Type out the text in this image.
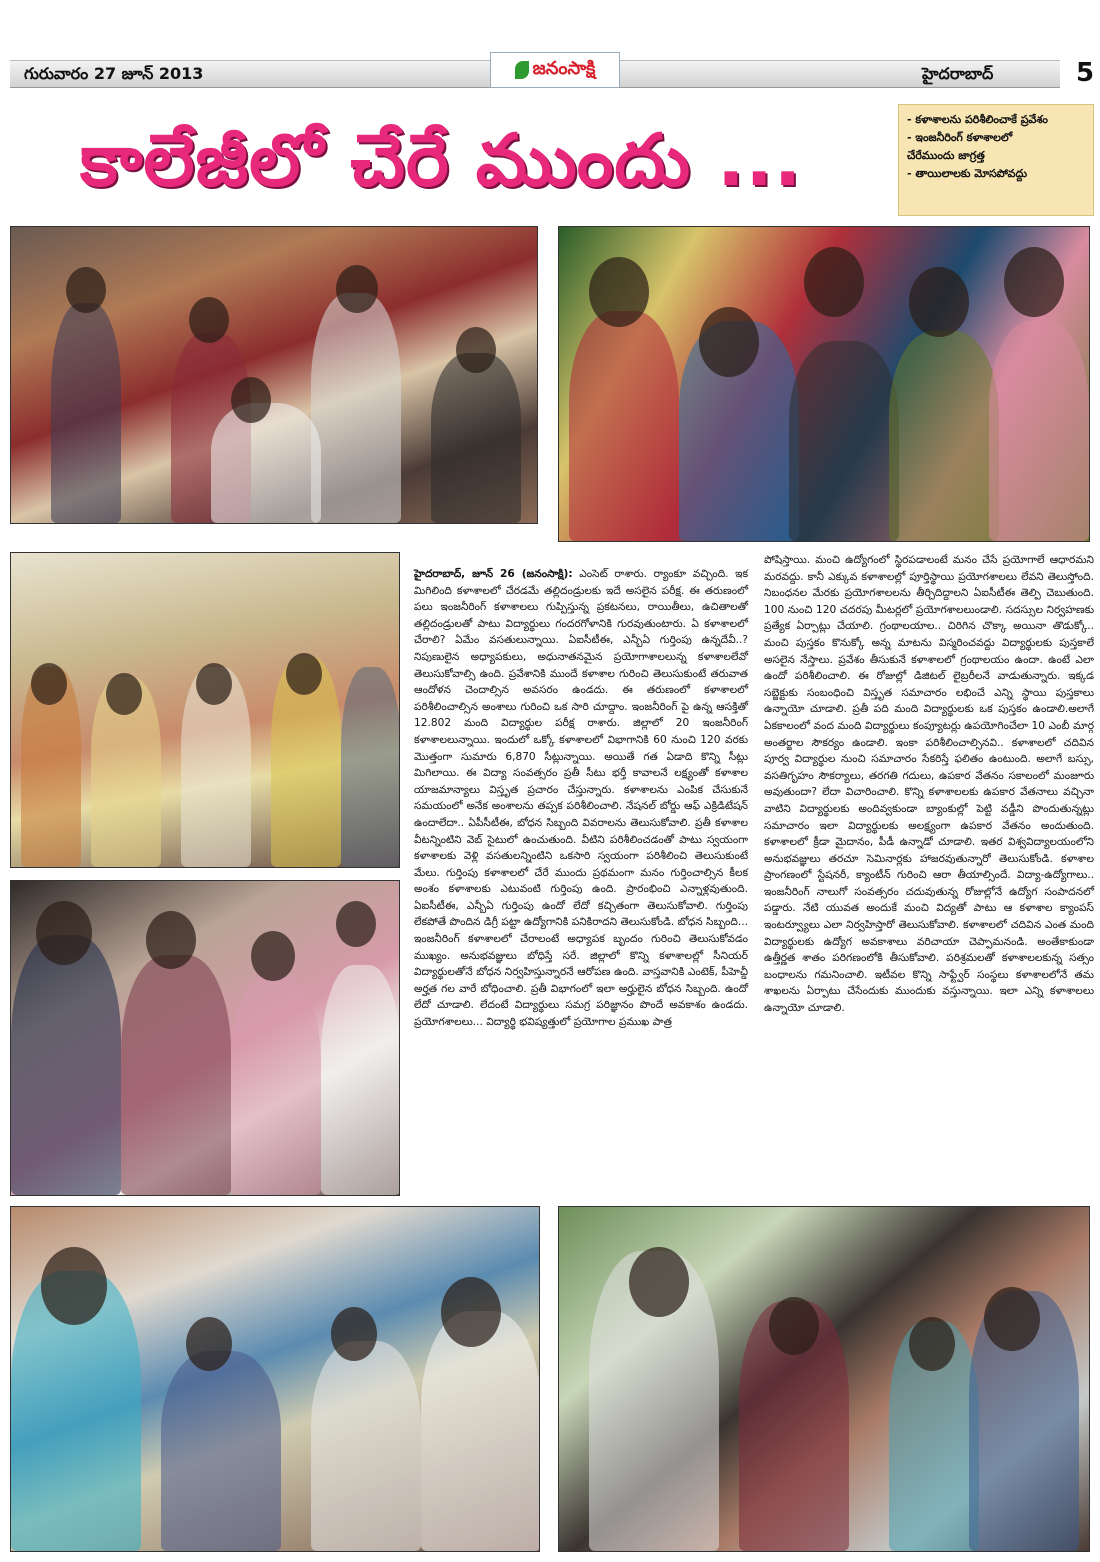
గురువారం 27 జూన్ 2013	జనంసాక్షి	హైదరాబాద్	5
కాలేజీలో చేరే ముందు ...	- కళాశాలను పరిశీలించాకే ప్రవేశం
- ఇంజనీరింగ్ కళాశాలలో
చేరేముందు జాగ్రత్త
- తాయిలాలకు మోసపోవద్దు

హైదరాబాద్, జూన్ 26 (జనంసాక్షి): ఎంసెట్ రాశారు. ర్యాంకూ వచ్చింది. ఇక మిగిలింది కళాశాలలో చేరడమే తల్లిదండ్రులకు ఇదే అసలైన పరీక్ష. ఈ తరుణంలో పలు ఇంజనీరింగ్ కళాశాలలు గుప్పిస్తున్న ప్రకటనలు, రాయితీలు, ఉచితాలతో తల్లిదండ్రులతో పాటు విద్యార్థులు గందరగోళానికి గురవుతుంటారు. ఏ కళాశాలలో చేరాలి? ఏమేం వసతులున్నాయి. ఏఐసీటీఈ, ఎన్బీఏ గుర్తింపు ఉన్నదేవీ..? నిపుణులైన అధ్యాపకులు, అధునాతనమైన ప్రయోగాశాలలున్న కళాశాలలేవో తెలుసుకోవాల్సి ఉంది. ప్రవేశానికి ముందే కళాశాల గురించి తెలుసుకుంటే తరువాత ఆందోళన చెందాల్సిన అవసరం ఉండదు. ఈ తరుణంలో కళాశాలలో పరిశీలించాల్సిన అంశాలు గురించి ఒక సారి చూద్దాం. ఇంజనీరింగ్ పై ఉన్న ఆసక్తితో 12.802 మంది విద్యార్థుల పరీక్ష రాశారు. జిల్లాలో 20 ఇంజనీరింగ్ కళాశాలలున్నాయి. ఇందులో ఒక్కో కళాశాలలో విభాగానికి 60 నుంచి 120 వరకు మొత్తంగా సుమారు 6,870 సీట్లున్నాయి. అయితే గత ఏడాది కొన్ని సీట్లు మిగిలాయి. ఈ విద్యా సంవత్సరం ప్రతీ సీటు భర్తీ కావాలనే లక్ష్యంతో కళాశాల యాజమాన్యాలు విస్తృత ప్రచారం చేస్తున్నారు. కళాశాలను ఎంపిక చేసుకునే సమయంలో అనేక అంశాలను తప్పక పరిశీలించాలి. నేషనల్ బోర్డు ఆఫ్ ఎక్రిడిటేషన్ ఉందాలేదా.. ఏపీసీటీఈ, బోధన సిబ్బంది వివరాలను తెలుసుకోవాలి. ప్రతీ కళాశాల వీటన్నింటిని వెబ్ సైటులో ఉంచుతుంది. వీటిని పరిశీలించడంతో పాటు స్వయంగా కళాశాలకు వెళ్లి వసతులన్నింటిని ఒకసారి స్వయంగా పరిశీలించి తెలుసుకుంటే మేలు. గుర్తింపు కళాశాలలో చేరే ముందు ప్రథమంగా మనం గుర్తించాల్సిన కీలక అంశం కళాశాలకు ఎటువంటి గుర్తింపు ఉంది. ప్రారంభించి ఎన్నాళ్లవుతుంది. ఏఐసీటీఈ, ఎన్బీఏ గుర్తింపు ఉందో లేదో కచ్చితంగా తెలుసుకోవాలి. గుర్తింపు లేకపోతే పొందిన డిగ్రీ పట్టా ఉద్యోగానికి పనికిరాదని తెలుసుకోండి. బోధన సిబ్బంది... ఇంజనీరింగ్ కళాశాలలో చేరాలంటే అధ్యాపక బృందం గురించి తెలుసుకోవడం ముఖ్యం. అనుభవజ్ఞులు బోధిస్తే సరే. జిల్లాలో కొన్ని కళాశాలల్లో సీనియర్ విద్యార్థులతోనే బోధన నిర్వహిస్తున్నారనే ఆరోపణ ఉంది. వాస్తవానికి ఎంటెక్, పీహెచ్డీ అర్హత గల వారే బోధించాలి. ప్రతీ విభాగంలో ఇలా అర్హులైన బోధన సిబ్బంది. ఉందో లేదో చూడాలి. లేదంటే విద్యార్థులు సమగ్ర పరిజ్ఞానం పొందే అవకాశం ఉండదు. ప్రయోగశాలలు... విద్యార్థి భవిష్యత్తులో ప్రయోగాల ప్రముఖ పాత్ర

పోషిస్తాయి. మంచి ఉద్యోగంలో స్థిరపడాలంటే మనం చేసే ప్రయోగాలే ఆధారమని మరవద్దు. కానీ ఎక్కువ కళాశాలల్లో పూర్తిస్థాయి ప్రయోగశాలలు లేవని తెలుస్తోంది. నిబంధనల మేరకు ప్రయోగశాలలను తీర్చిదిద్దాలని ఏఐసీటీఈ తెల్పి చెబుతుంది. 100 నుంచి 120 చదరపు మీటర్లలో ప్రయోగశాలలుండాలి. సదస్సుల నిర్వహణకు ప్రత్యేక ఏర్పాట్లు చేయాలి. గ్రంథాలయాల.. చిరిగిన చొక్కా అయినా తొడుక్కో.. మంచి పుస్తకం కొనుక్కో అన్న మాటను విస్మరించవద్దు విద్యార్థులకు పుస్తకాలే అసలైన నేస్తాలు. ప్రవేశం తీసుకునే కళాశాలలో గ్రంథాలయం ఉందా. ఉంటే ఎలా ఉందో పరిశీలించాలి. ఈ రోజుల్లో డిజిటల్ లైబ్రరీలనే వాడుతున్నారు. ఇక్కడ సబ్జెక్టుకు సంబంధించి విస్తృత సమాచారం లభించే ఎన్ని స్థాయి పుస్తకాలు ఉన్నాయో చూడాలి. ప్రతీ పది మంది విద్యార్థులకు ఒక పుస్తకం ఉండాలి.అలాగే ఏకకాలంలో వంద మంది విద్యార్థులు కంప్యూటర్లు ఉపయోగించేలా 10 ఎంబీ మార్గ అంతర్జాల సౌకర్యం ఉండాలి. ఇంకా పరిశీలించాల్సినవి.. కళాశాలలో చదివిన పూర్వ విద్యార్థుల నుంచి సమాచారం సేకరిస్తే ఫలితం ఉంటుంది. అలాగే బస్సు, వసతిగృహం సౌకర్యాలు, తరగతి గదులు, ఉపకార వేతనం సకాలంలో మంజూరు అవుతుందా? లేదా విచారించాలి. కొన్ని కళాశాలలకు ఉపకార వేతనాలు వచ్చినా వాటిని విద్యార్థులకు అందివ్వకుండా బ్యాంకుల్లో పెట్టి వడ్డీని పొందుతున్నట్లు సమాచారం ఇలా విద్యార్థులకు అలక్ష్యంగా ఉపకార వేతనం అందుతుంది. కళాశాలలో క్రీడా మైదానం, పీడీ ఉన్నాడో చూడాలి. ఇతర విశ్వవిద్యాలయంలోని అనుభవజ్ఞులు తరచూ సెమినార్లకు హాజరవుతున్నారో తెలుసుకోండి. కళాశాల ప్రాంగణంలో స్టేషనరీ, క్యాంటీన్ గురించి ఆరా తీయాల్సిందే. విద్యా-ఉద్యోగాలు.. ఇంజనీరింగ్ నాలుగో సంవత్సరం చదువుతున్న రోజుల్లోనే ఉద్యోగ సంపాదనలో పడ్డారు. నేటి యువత అందుకే మంచి విద్యతో పాటు ఆ కళాశాల క్యాంపస్ ఇంటర్వ్యూలు ఎలా నిర్వహిస్తారో తెలుసుకోవాలి. కళాశాలలో చదివిన ఎంత మంది విద్యార్థులకు ఉద్యోగ అవకాశాలు వరిచాయా చెప్పామనండి. అంతేకాకుండా ఉత్తీర్ణత శాతం పరిగణంలోకి తీసుకోవాలి. పరిశ్రమలతో కళాశాలలకున్న సత్సం బంధాలను గమనించాలి. ఇటీవల కొన్ని సాఫ్ట్వేర్ సంస్థలు కళాశాలలోనే తమ శాఖలను ఏర్పాటు చేసేందుకు ముందుకు వస్తున్నాయి. ఇలా ఎన్ని కళాశాలలు ఉన్నాయో చూడాలి.
